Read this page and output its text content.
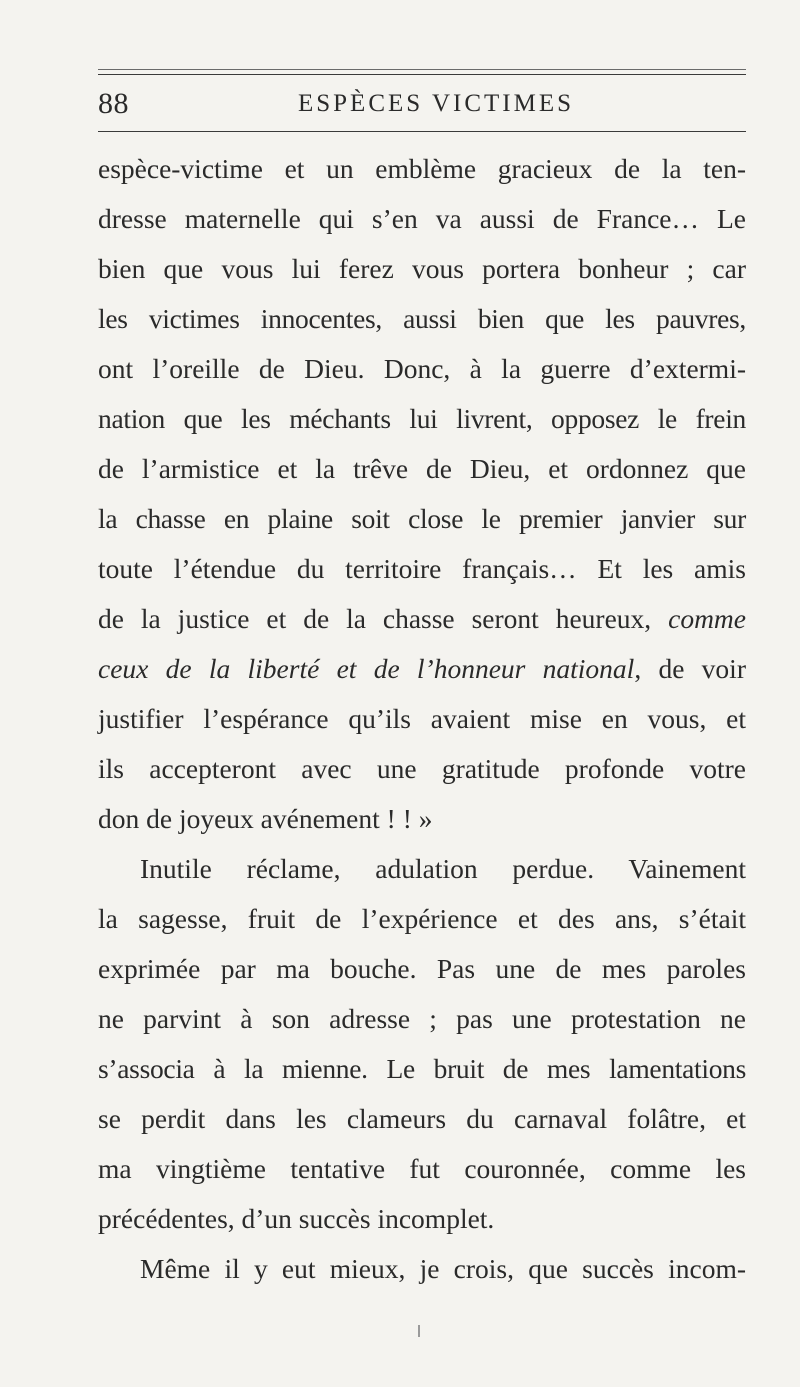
88	ESPÈCES VICTIMES
espèce-victime et un emblème gracieux de la ten-
dresse maternelle qui s’en va aussi de France… Le
bien que vous lui ferez vous portera bonheur ; car
les victimes innocentes, aussi bien que les pauvres,
ont l’oreille de Dieu. Donc, à la guerre d’extermi-
nation que les méchants lui livrent, opposez le frein
de l’armistice et la trêve de Dieu, et ordonnez que
la chasse en plaine soit close le premier janvier sur
toute l’étendue du territoire français… Et les amis
de la justice et de la chasse seront heureux, comme
ceux de la liberté et de l’honneur national, de voir
justifier l’espérance qu’ils avaient mise en vous, et
ils accepteront avec une gratitude profonde votre
don de joyeux avénement ! ! »
Inutile réclame, adulation perdue. Vainement
la sagesse, fruit de l’expérience et des ans, s’était
exprimée par ma bouche. Pas une de mes paroles
ne parvint à son adresse ; pas une protestation ne
s’associa à la mienne. Le bruit de mes lamentations
se perdit dans les clameurs du carnaval folâtre, et
ma vingtième tentative fut couronnée, comme les
précédentes, d’un succès incomplet.
Même il y eut mieux, je crois, que succès incom-
